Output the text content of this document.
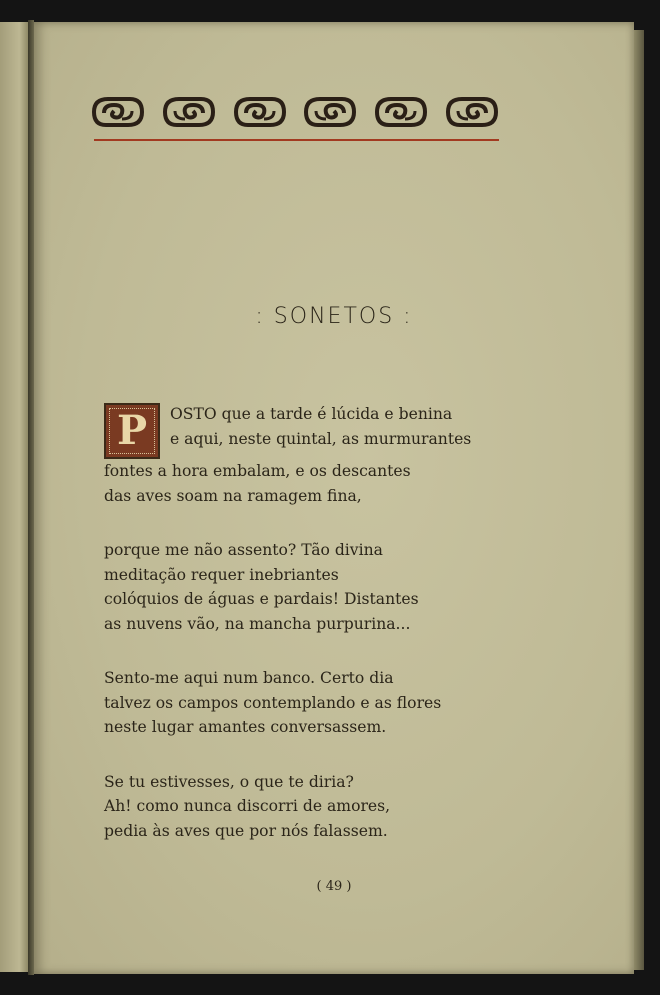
: SONETOS :

P	OSTO que a tarde é lúcida e benina
e aqui, neste quintal, as murmurantes
fontes a hora embalam, e os descantes
das aves soam na ramagem fina,

porque me não assento? Tão divina
meditação requer inebriantes
colóquios de águas e pardais! Distantes
as nuvens vão, na mancha purpurina...

Sento-me aqui num banco. Certo dia
talvez os campos contemplando e as flores
neste lugar amantes conversassem.

Se tu estivesses, o que te diria?
Ah! como nunca discorri de amores,
pedia às aves que por nós falassem.

( 49 )
